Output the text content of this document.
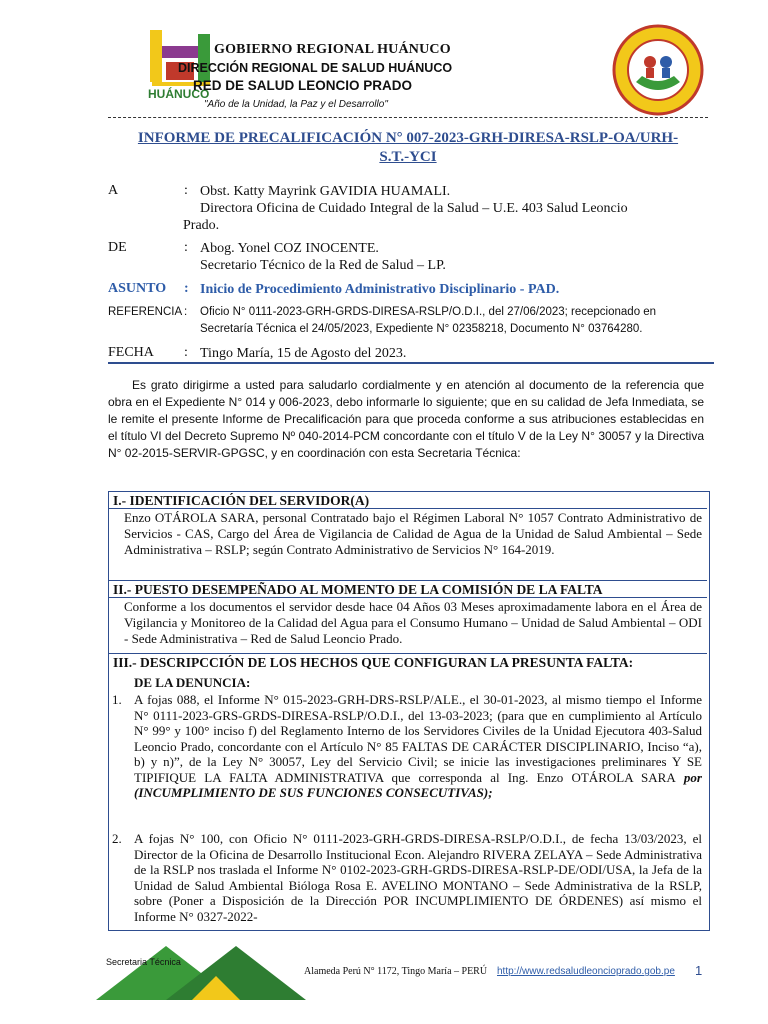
HUÁNUCO
GOBIERNO REGIONAL HUÁNUCO
DIRECCIÓN REGIONAL DE SALUD HUÁNUCO
RED DE SALUD LEONCIO PRADO
"Año de la Unidad, la Paz y el Desarrollo"
INFORME DE PRECALIFICACIÓN N° 007-2023-GRH-DIRESA-RSLP-OA/URH-
S.T.-YCI
A	: Obst. Katty Mayrink GAVIDIA HUAMALI.
Directora Oficina de Cuidado Integral de la Salud – U.E. 403 Salud Leoncio
Prado.
DE	: Abog. Yonel COZ INOCENTE.
Secretario Técnico de la Red de Salud – LP.
ASUNTO : Inicio de Procedimiento Administrativo Disciplinario - PAD.
REFERENCIA : Oficio N° 0111-2023-GRH-GRDS-DIRESA-RSLP/O.D.I., del 27/06/2023; recepcionado en
Secretaría Técnica el 24/05/2023, Expediente N° 02358218, Documento N° 03764280.
FECHA : Tingo María, 15 de Agosto del 2023.
Es grato dirigirme a usted para saludarlo cordialmente y en atención al documento de la referencia que obra en el Expediente N° 014 y 006-2023, debo informarle lo siguiente; que en su calidad de Jefa Inmediata, se le remite el presente Informe de Precalificación para que proceda conforme a sus atribuciones establecidas en el título VI del Decreto Supremo Nº 040-2014-PCM concordante con el título V de la Ley N° 30057 y la Directiva N° 02-2015-SERVIR-GPGSC, y en coordinación con esta Secretaria Técnica:
I.- IDENTIFICACIÓN DEL SERVIDOR(A)
Enzo OTÁROLA SARA, personal Contratado bajo el Régimen Laboral N° 1057 Contrato Administrativo de Servicios - CAS, Cargo del Área de Vigilancia de Calidad de Agua de la Unidad de Salud Ambiental – Sede Administrativa – RSLP; según Contrato Administrativo de Servicios N° 164-2019.
II.- PUESTO DESEMPEÑADO AL MOMENTO DE LA COMISIÓN DE LA FALTA
Conforme a los documentos el servidor desde hace 04 Años 03 Meses aproximadamente labora en el Área de Vigilancia y Monitoreo de la Calidad del Agua para el Consumo Humano – Unidad de Salud Ambiental – ODI - Sede Administrativa – Red de Salud Leoncio Prado.
III.- DESCRIPCCIÓN DE LOS HECHOS QUE CONFIGURAN LA PRESUNTA FALTA:
DE LA DENUNCIA:
1. A fojas 088, el Informe N° 015-2023-GRH-DRS-RSLP/ALE., el 30-01-2023, al mismo tiempo el Informe N° 0111-2023-GRS-GRDS-DIRESA-RSLP/O.D.I., del 13-03-2023; (para que en cumplimiento al Artículo N° 99° y 100° inciso f) del Reglamento Interno de los Servidores Civiles de la Unidad Ejecutora 403-Salud Leoncio Prado, concordante con el Artículo N° 85 FALTAS DE CARÁCTER DISCIPLINARIO, Inciso “a), b) y n)”, de la Ley N° 30057, Ley del Servicio Civil; se inicie las investigaciones preliminares Y SE TIPIFIQUE LA FALTA ADMINISTRATIVA que corresponda al Ing. Enzo OTÁROLA SARA por (INCUMPLIMIENTO DE SUS FUNCIONES CONSECUTIVAS);
2. A fojas N° 100, con Oficio N° 0111-2023-GRH-GRDS-DIRESA-RSLP/O.D.I., de fecha 13/03/2023, el Director de la Oficina de Desarrollo Institucional Econ. Alejandro RIVERA ZELAYA – Sede Administrativa de la RSLP nos traslada el Informe N° 0102-2023-GRH-GRDS-DIRESA-RSLP-DE/ODI/USA, la Jefa de la Unidad de Salud Ambiental Bióloga Rosa E. AVELINO MONTANO – Sede Administrativa de la RSLP, sobre (Poner a Disposición de la Dirección POR INCUMPLIMIENTO DE ÓRDENES) así mismo el Informe N° 0327-2022-
Secretaria Técnica
Alameda Perú N° 1172, Tingo María – PERÚ http://www.redsaludleoncioprado.gob.pe 1
